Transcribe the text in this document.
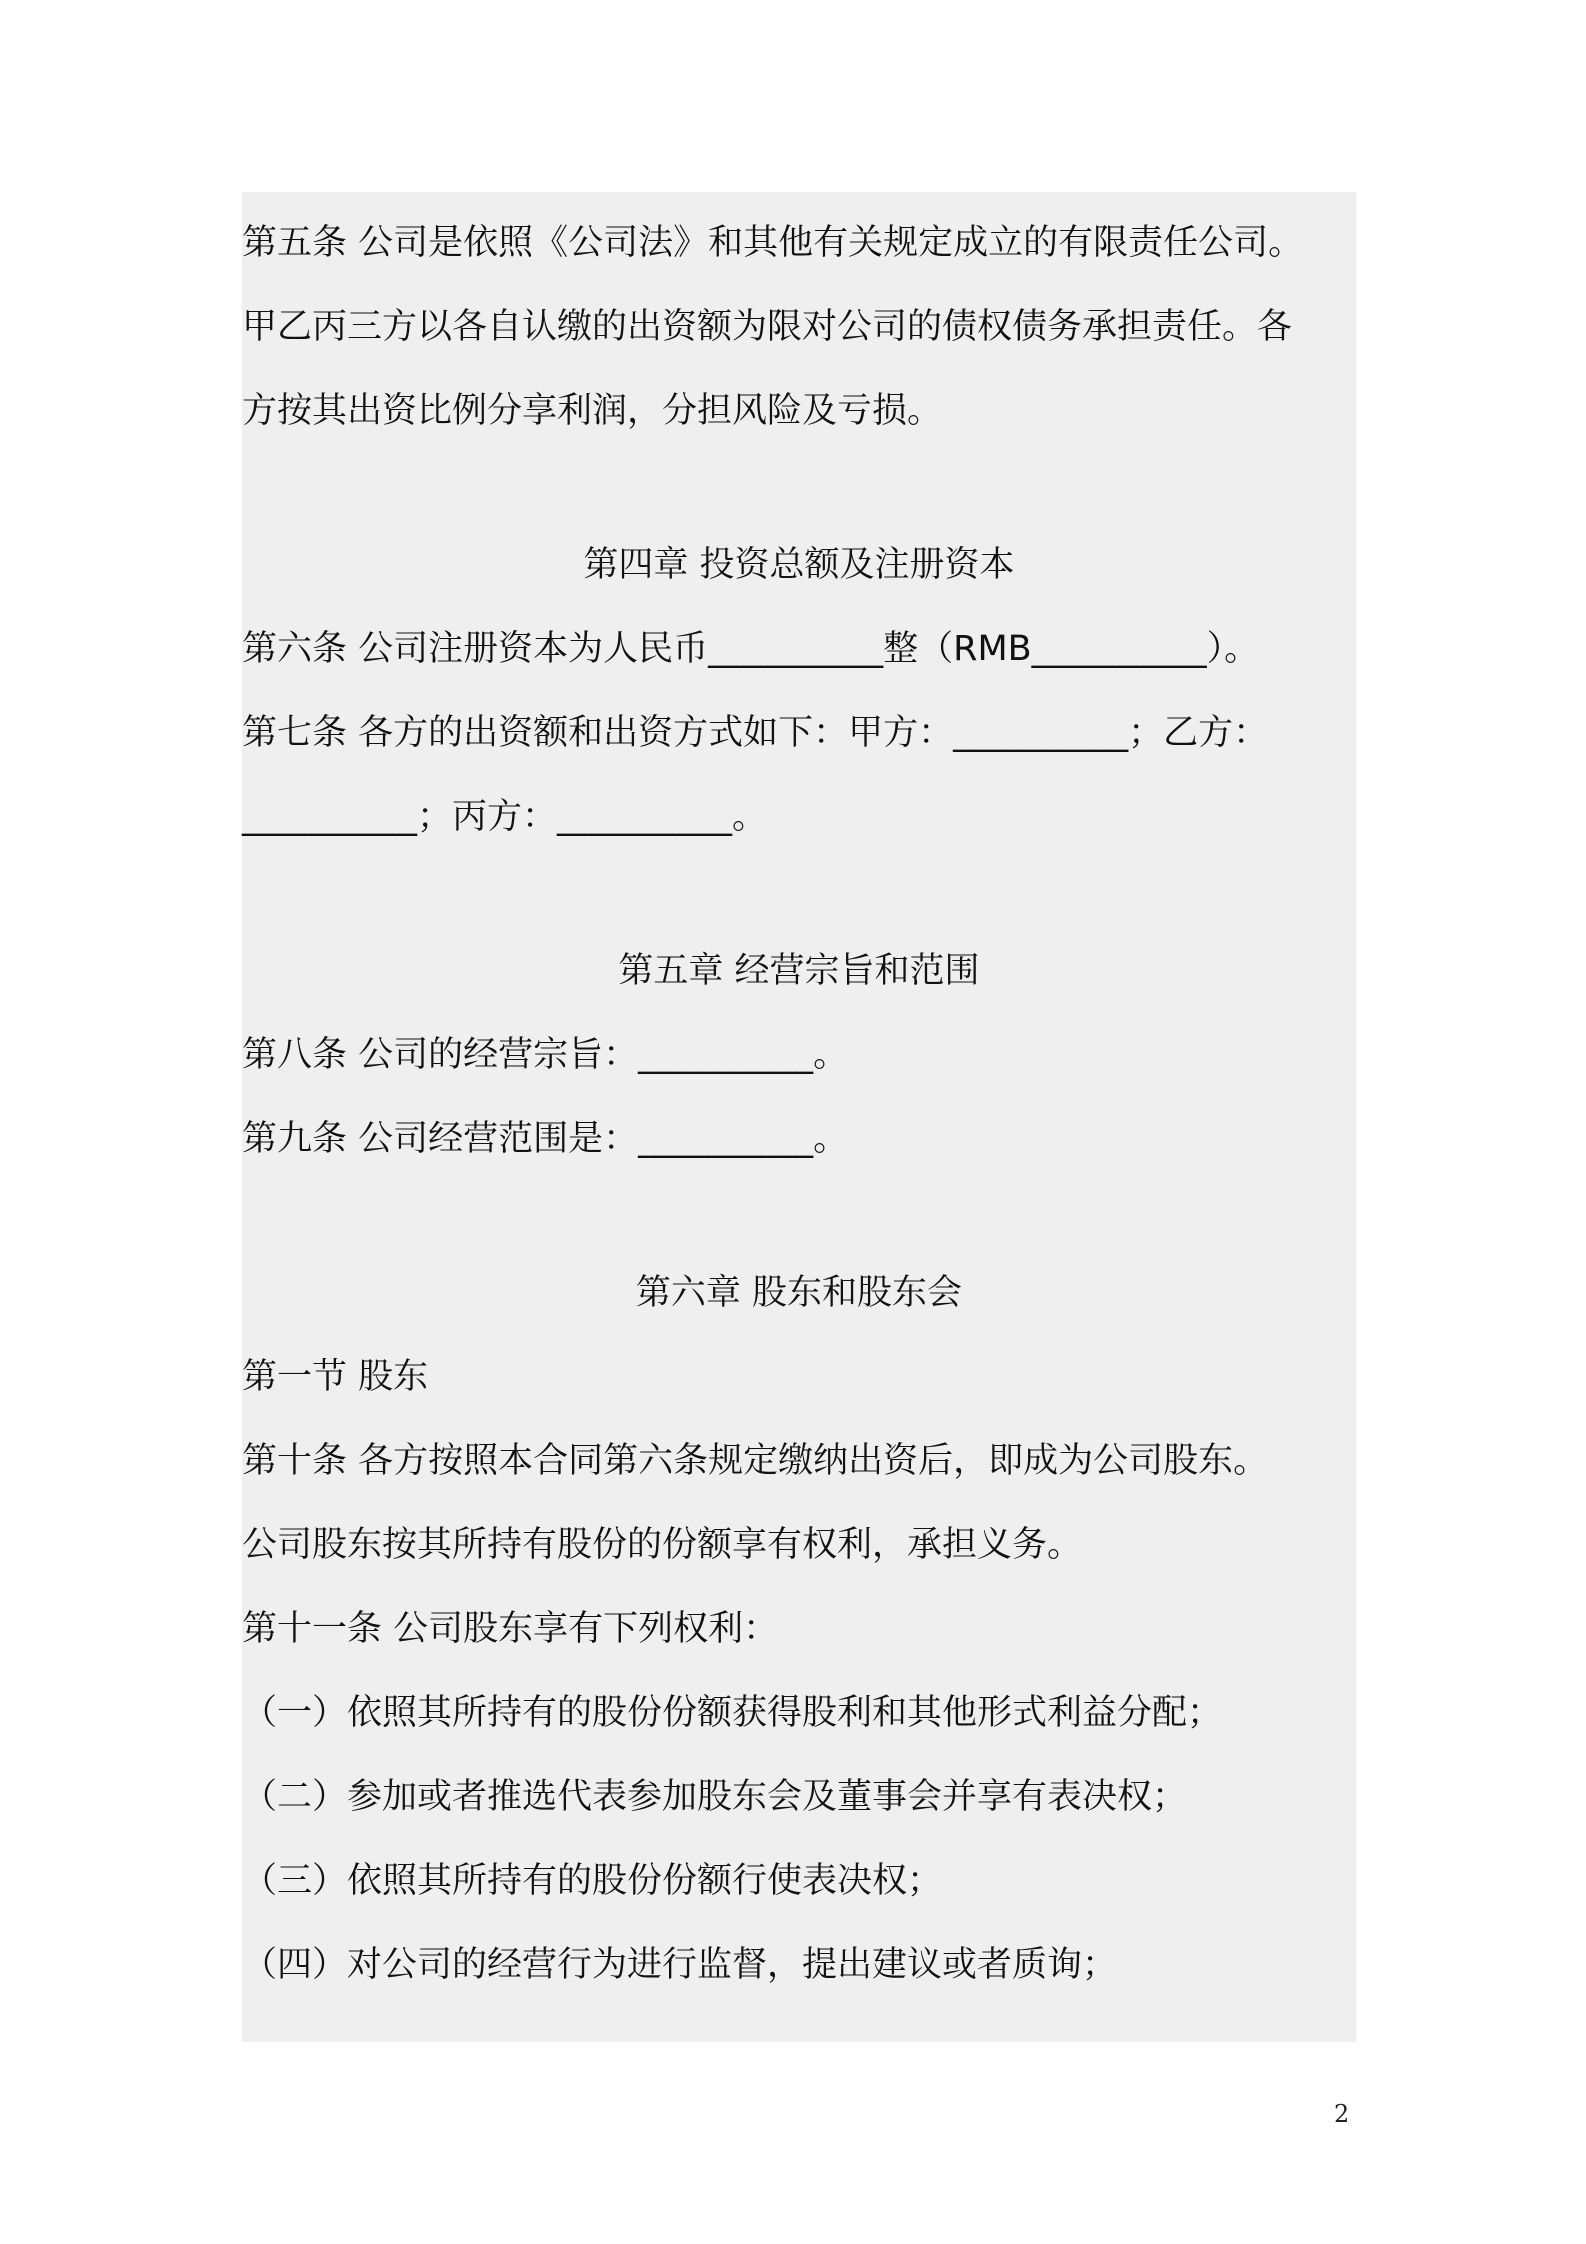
第五条 公司是依照《公司法》和其他有关规定成立的有限责任公司。
甲乙丙三方以各自认缴的出资额为限对公司的债权债务承担责任。各
方按其出资比例分享利润，分担风险及亏损。
第四章 投资总额及注册资本
第六条 公司注册资本为人民币__________整（RMB__________）。
第七条 各方的出资额和出资方式如下：甲方：__________；乙方：
__________；丙方：__________。
第五章 经营宗旨和范围
第八条 公司的经营宗旨：__________。
第九条 公司经营范围是：__________。
第六章 股东和股东会
第一节 股东
第十条 各方按照本合同第六条规定缴纳出资后，即成为公司股东。
公司股东按其所持有股份的份额享有权利，承担义务。
第十一条 公司股东享有下列权利：
（一）依照其所持有的股份份额获得股利和其他形式利益分配；
（二）参加或者推选代表参加股东会及董事会并享有表决权；
（三）依照其所持有的股份份额行使表决权；
（四）对公司的经营行为进行监督，提出建议或者质询；
2
